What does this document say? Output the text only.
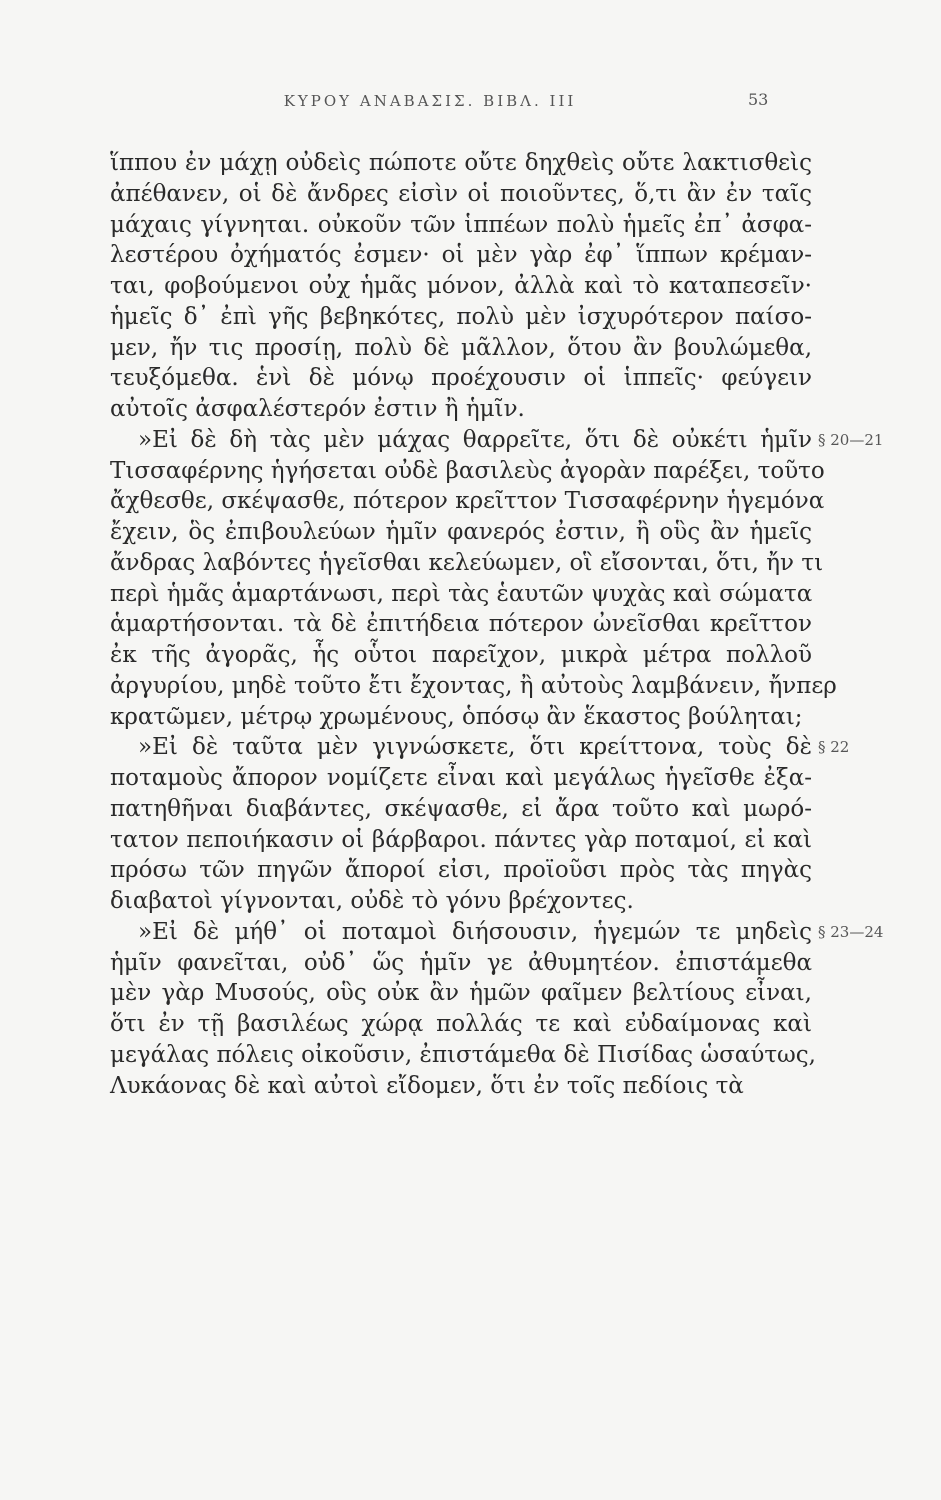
ΚΥΡΟΥ ΑΝΑΒΑΣΙΣ. ΒΙΒΛ. III	53
ἵππου ἐν μάχῃ οὐδεὶς πώποτε οὔτε δηχθεὶς οὔτε λακτισθεὶς
ἀπέθανεν, οἱ δὲ ἄνδρες εἰσὶν οἱ ποιοῦντες, ὅ,τι ἂν ἐν ταῖς
μάχαις γίγνηται. οὐκοῦν τῶν ἱππέων πολὺ ἡμεῖς ἐπ᾿ ἀσφα-
λεστέρου ὀχήματός ἐσμεν· οἱ μὲν γὰρ ἐφ᾿ ἵππων κρέμαν-
ται, φοβούμενοι οὐχ ἡμᾶς μόνον, ἀλλὰ καὶ τὸ καταπεσεῖν·
ἡμεῖς δ᾿ ἐπὶ γῆς βεβηκότες, πολὺ μὲν ἰσχυρότερον παίσο-
μεν, ἤν τις προσίῃ, πολὺ δὲ μᾶλλον, ὅτου ἂν βουλώμεθα,
τευξόμεθα. ἑνὶ δὲ μόνῳ προέχουσιν οἱ ἱππεῖς· φεύγειν
αὐτοῖς ἀσφαλέστερόν ἐστιν ἢ ἡμῖν.
»Εἰ δὲ δὴ τὰς μὲν μάχας θαρρεῖτε, ὅτι δὲ οὐκέτι ἡμῖν
Τισσαφέρνης ἡγήσεται οὐδὲ βασιλεὺς ἀγορὰν παρέξει, τοῦτο
ἄχθεσθε, σκέψασθε, πότερον κρεῖττον Τισσαφέρνην ἡγεμόνα
ἔχειν, ὃς ἐπιβουλεύων ἡμῖν φανερός ἐστιν, ἢ οὓς ἂν ἡμεῖς
ἄνδρας λαβόντες ἡγεῖσθαι κελεύωμεν, οἳ εἴσονται, ὅτι, ἤν τι
περὶ ἡμᾶς ἁμαρτάνωσι, περὶ τὰς ἑαυτῶν ψυχὰς καὶ σώματα
ἁμαρτήσονται. τὰ δὲ ἐπιτήδεια πότερον ὠνεῖσθαι κρεῖττον
ἐκ τῆς ἀγορᾶς, ἧς οὗτοι παρεῖχον, μικρὰ μέτρα πολλοῦ
ἀργυρίου, μηδὲ τοῦτο ἔτι ἔχοντας, ἢ αὐτοὺς λαμβάνειν, ἤνπερ
κρατῶμεν, μέτρῳ χρωμένους, ὁπόσῳ ἂν ἕκαστος βούληται;
»Εἰ δὲ ταῦτα μὲν γιγνώσκετε, ὅτι κρείττονα, τοὺς δὲ
ποταμοὺς ἄπορον νομίζετε εἶναι καὶ μεγάλως ἡγεῖσθε ἐξα-
πατηθῆναι διαβάντες, σκέψασθε, εἰ ἄρα τοῦτο καὶ μωρό-
τατον πεποιήκασιν οἱ βάρβαροι. πάντες γὰρ ποταμοί, εἰ καὶ
πρόσω τῶν πηγῶν ἄποροί εἰσι, προϊοῦσι πρὸς τὰς πηγὰς
διαβατοὶ γίγνονται, οὐδὲ τὸ γόνυ βρέχοντες.
»Εἰ δὲ μήθ᾿ οἱ ποταμοὶ διήσουσιν, ἡγεμών τε μηδεὶς
ἡμῖν φανεῖται, οὐδ᾿ ὥς ἡμῖν γε ἀθυμητέον. ἐπιστάμεθα
μὲν γὰρ Μυσούς, οὓς οὐκ ἂν ἡμῶν φαῖμεν βελτίους εἶναι,
ὅτι ἐν τῇ βασιλέως χώρᾳ πολλάς τε καὶ εὐδαίμονας καὶ
μεγάλας πόλεις οἰκοῦσιν, ἐπιστάμεθα δὲ Πισίδας ὡσαύτως,
Λυκάονας δὲ καὶ αὐτοὶ εἴδομεν, ὅτι ἐν τοῖς πεδίοις τὰ
§ 20—21
§ 22
§ 23—24
